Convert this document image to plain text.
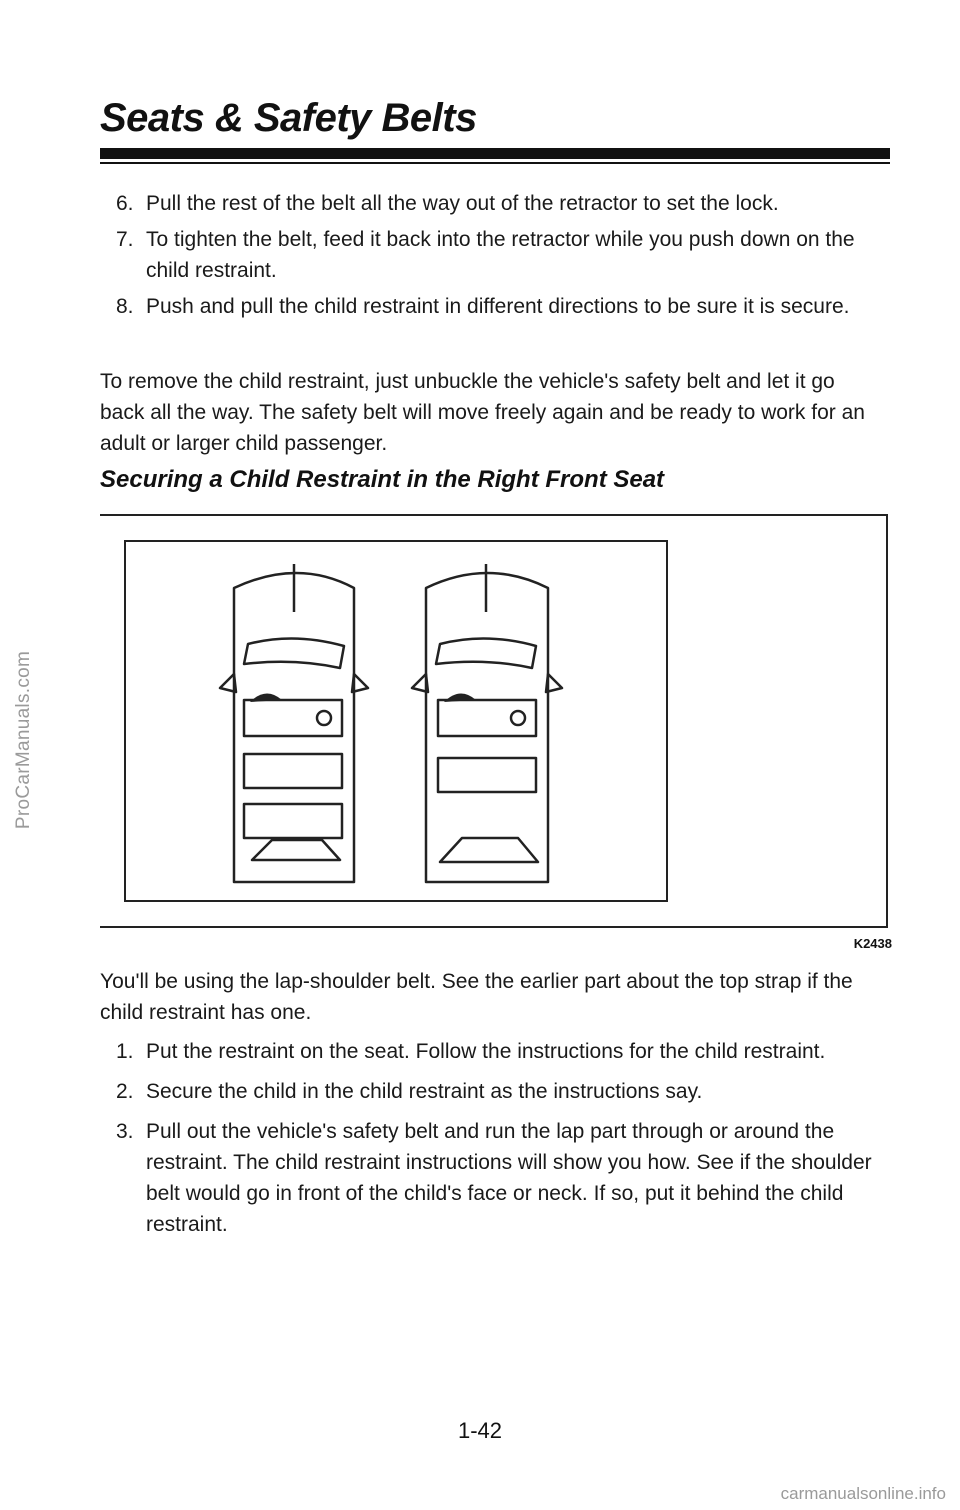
ProCarManuals.com
Seats & Safety Belts
6. Pull the rest of the belt all the way out of the retractor to set the lock.
7. To tighten the belt, feed it back into the retractor while you push down on the child restraint.
8. Push and pull the child restraint in different directions to be sure it is secure.
To remove the child restraint, just unbuckle the vehicle's safety belt and let it go back all the way. The safety belt will move freely again and be ready to work for an adult or larger child passenger.
Securing a Child Restraint in the Right Front Seat
K2438
You'll be using the lap-shoulder belt. See the earlier part about the top strap if the child restraint has one.
1. Put the restraint on the seat. Follow the instructions for the child restraint.
2. Secure the child in the child restraint as the instructions say.
3. Pull out the vehicle's safety belt and run the lap part through or around the restraint. The child restraint instructions will show you how. See if the shoulder belt would go in front of the child's face or neck. If so, put it behind the child restraint.
1-42
carmanualsonline.info
